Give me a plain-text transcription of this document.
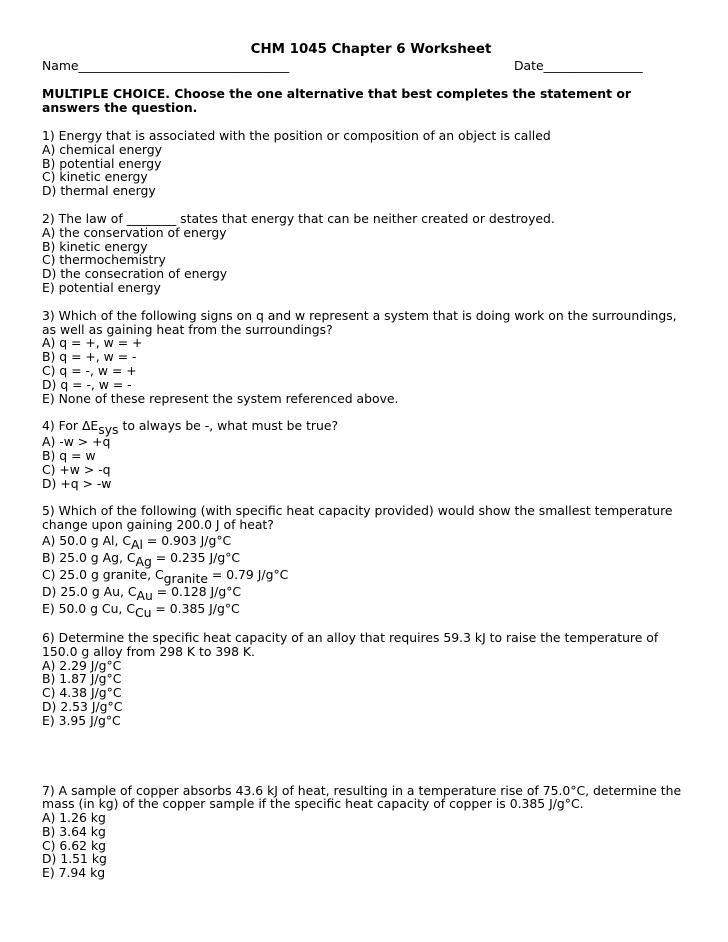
CHM 1045 Chapter 6 Worksheet
Name__________________________________	Date________________
MULTIPLE CHOICE. Choose the one alternative that best completes the statement or answers the question.
1) Energy that is associated with the position or composition of an object is called
A) chemical energy
B) potential energy
C) kinetic energy
D) thermal energy
2) The law of ________ states that energy that can be neither created or destroyed.
A) the conservation of energy
B) kinetic energy
C) thermochemistry
D) the consecration of energy
E) potential energy
3) Which of the following signs on q and w represent a system that is doing work on the surroundings, as well as gaining heat from the surroundings?
A) q = +, w = +
B) q = +, w = -
C) q = -, w = +
D) q = -, w = -
E) None of these represent the system referenced above.
4) For $\Delta E_{sys}$ to always be -, what must be true?
A) -w > +q
B) q = w
C) +w > -q
D) +q > -w
5) Which of the following (with specific heat capacity provided) would show the smallest temperature change upon gaining 200.0 J of heat?
A) 50.0 g Al, $C_{Al} = 0.903$ J/g°C
B) 25.0 g Ag, $C_{Ag} = 0.235$ J/g°C
C) 25.0 g granite, $C_{granite} = 0.79$ J/g°C
D) 25.0 g Au, $C_{Au} = 0.128$ J/g°C
E) 50.0 g Cu, $C_{Cu} = 0.385$ J/g°C
6) Determine the specific heat capacity of an alloy that requires 59.3 kJ to raise the temperature of 150.0 g alloy from 298 K to 398 K.
A) 2.29 J/g°C
B) 1.87 J/g°C
C) 4.38 J/g°C
D) 2.53 J/g°C
E) 3.95 J/g°C
7) A sample of copper absorbs 43.6 kJ of heat, resulting in a temperature rise of 75.0°C, determine the mass (in kg) of the copper sample if the specific heat capacity of copper is 0.385 J/g°C.
A) 1.26 kg
B) 3.64 kg
C) 6.62 kg
D) 1.51 kg
E) 7.94 kg
